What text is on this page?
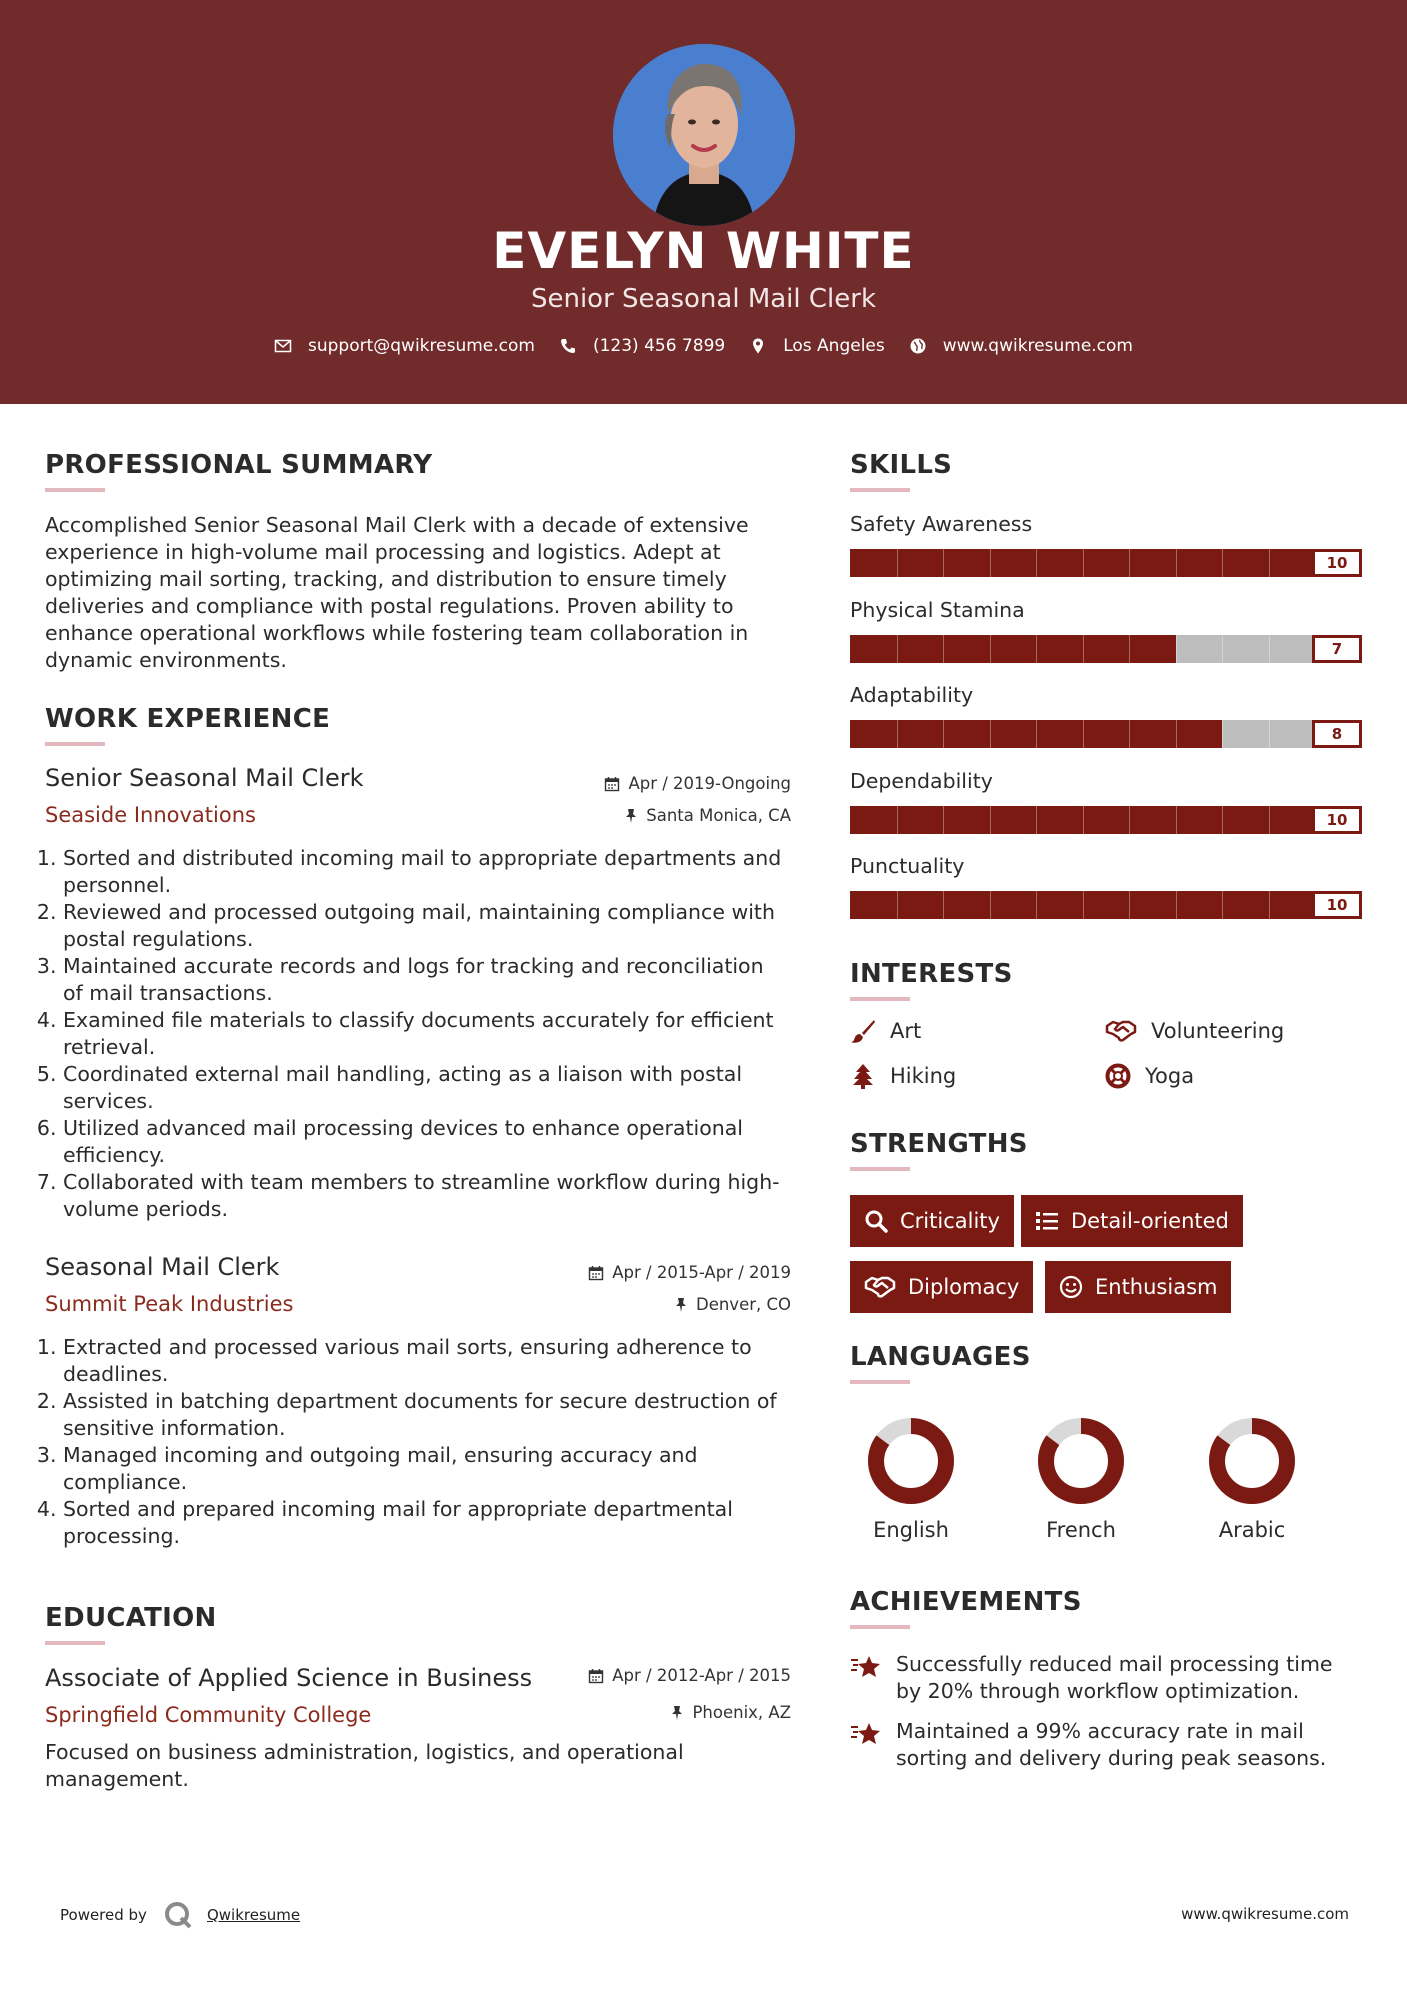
EVELYN WHITE
Senior Seasonal Mail Clerk
support@qwikresume.com	(123) 456 7899	Los Angeles	www.qwikresume.com
PROFESSIONAL SUMMARY
Accomplished Senior Seasonal Mail Clerk with a decade of extensive experience in high-volume mail processing and logistics. Adept at optimizing mail sorting, tracking, and distribution to ensure timely deliveries and compliance with postal regulations. Proven ability to enhance operational workflows while fostering team collaboration in dynamic environments.
WORK EXPERIENCE
Senior Seasonal Mail Clerk
Seaside Innovations
Apr / 2019-Ongoing
Santa Monica, CA
1. Sorted and distributed incoming mail to appropriate departments and personnel.
2. Reviewed and processed outgoing mail, maintaining compliance with postal regulations.
3. Maintained accurate records and logs for tracking and reconciliation of mail transactions.
4. Examined file materials to classify documents accurately for efficient retrieval.
5. Coordinated external mail handling, acting as a liaison with postal services.
6. Utilized advanced mail processing devices to enhance operational efficiency.
7. Collaborated with team members to streamline workflow during high-volume periods.
Seasonal Mail Clerk
Summit Peak Industries
Apr / 2015-Apr / 2019
Denver, CO
1. Extracted and processed various mail sorts, ensuring adherence to deadlines.
2. Assisted in batching department documents for secure destruction of sensitive information.
3. Managed incoming and outgoing mail, ensuring accuracy and compliance.
4. Sorted and prepared incoming mail for appropriate departmental processing.
EDUCATION
Associate of Applied Science in Business
Springfield Community College
Apr / 2012-Apr / 2015
Phoenix, AZ
Focused on business administration, logistics, and operational management.
SKILLS
Safety Awareness
10
Physical Stamina
7
Adaptability
8
Dependability
10
Punctuality
10
INTERESTS
Art	Volunteering
Hiking	Yoga
STRENGTHS
Criticality	Detail-oriented
Diplomacy	Enthusiasm
LANGUAGES
English	French	Arabic
ACHIEVEMENTS
Successfully reduced mail processing time by 20% through workflow optimization.
Maintained a 99% accuracy rate in mail sorting and delivery during peak seasons.
Powered by	Qwikresume	www.qwikresume.com
